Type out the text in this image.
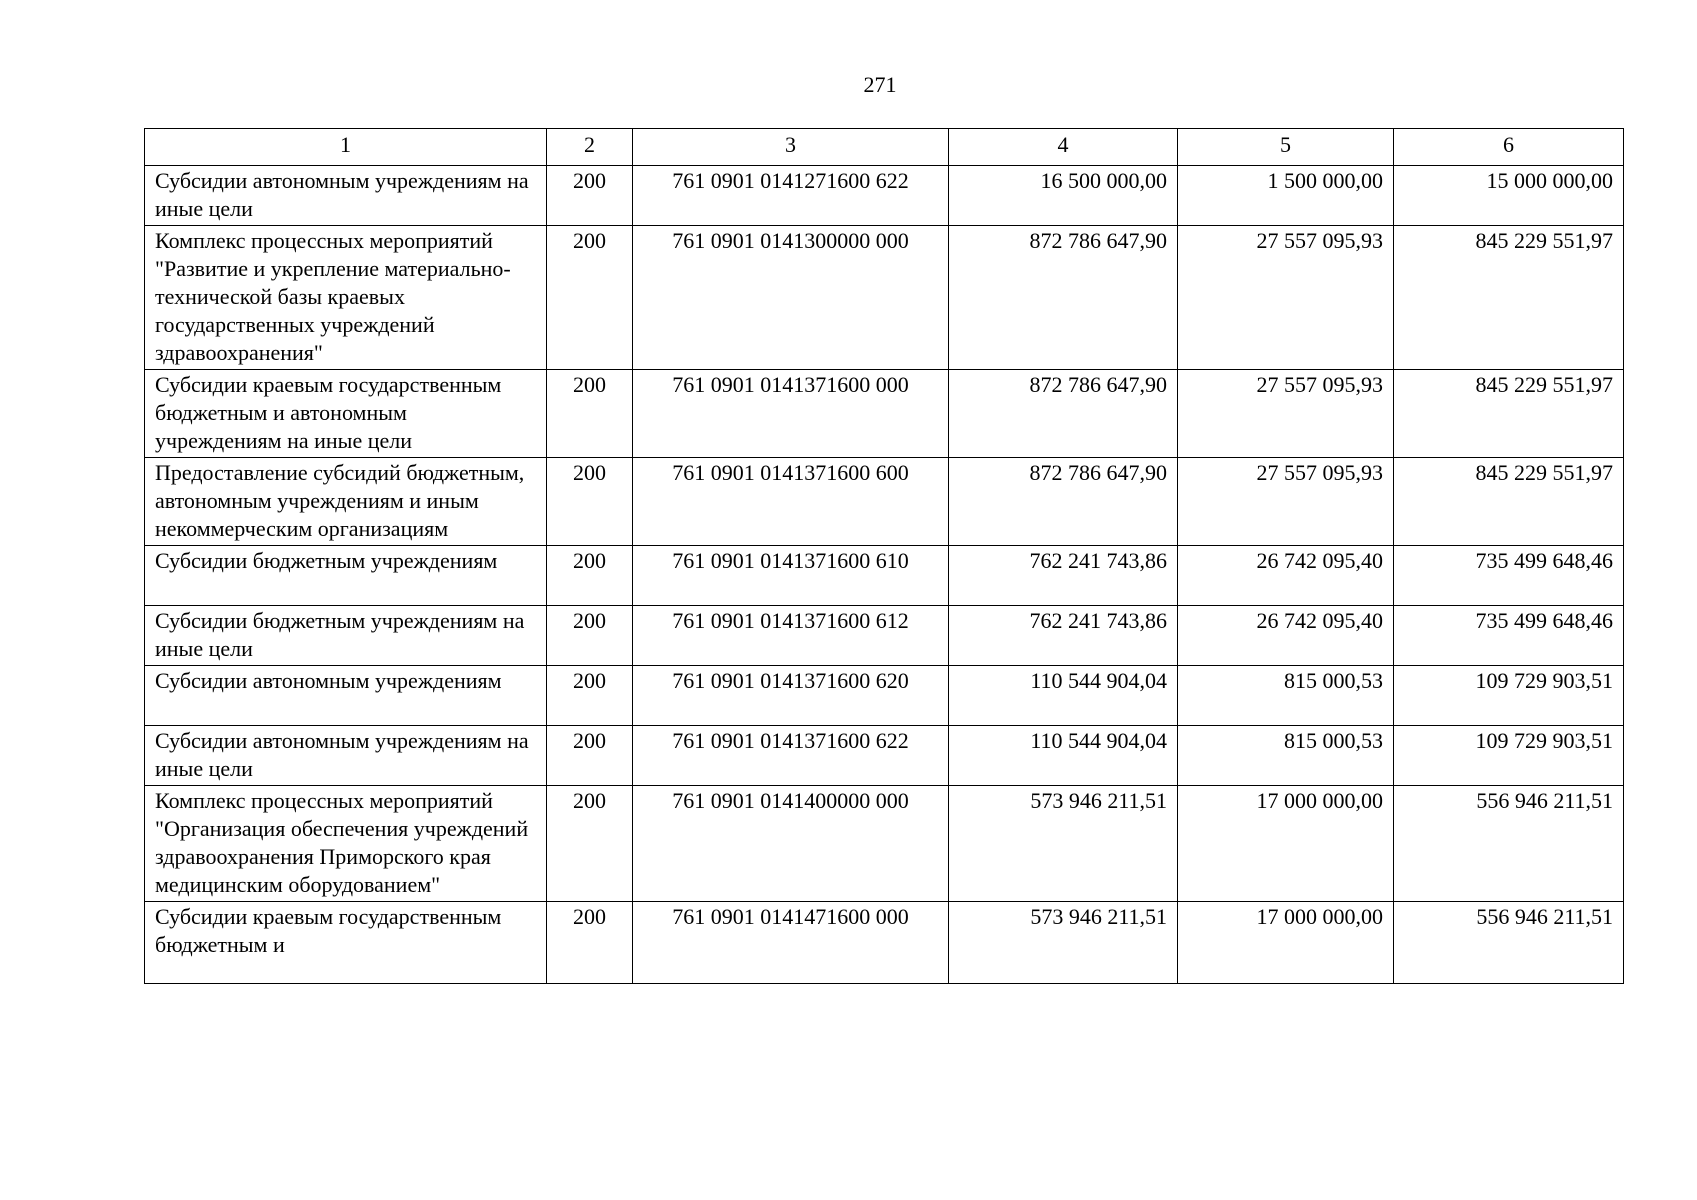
271
1	2	3	4	5	6
Субсидии автономным учреждениям на иные цели	200	761 0901 0141271600 622	16 500 000,00	1 500 000,00	15 000 000,00
Комплекс процессных мероприятий "Развитие и укрепление материально-технической базы краевых государственных учреждений здравоохранения"	200	761 0901 0141300000 000	872 786 647,90	27 557 095,93	845 229 551,97
Субсидии краевым государственным бюджетным и автономным учреждениям на иные цели	200	761 0901 0141371600 000	872 786 647,90	27 557 095,93	845 229 551,97
Предоставление субсидий бюджетным, автономным учреждениям и иным некоммерческим организациям	200	761 0901 0141371600 600	872 786 647,90	27 557 095,93	845 229 551,97
Субсидии бюджетным учреждениям	200	761 0901 0141371600 610	762 241 743,86	26 742 095,40	735 499 648,46
Субсидии бюджетным учреждениям на иные цели	200	761 0901 0141371600 612	762 241 743,86	26 742 095,40	735 499 648,46
Субсидии автономным учреждениям	200	761 0901 0141371600 620	110 544 904,04	815 000,53	109 729 903,51
Субсидии автономным учреждениям на иные цели	200	761 0901 0141371600 622	110 544 904,04	815 000,53	109 729 903,51
Комплекс процессных мероприятий "Организация обеспечения учреждений здравоохранения Приморского края медицинским оборудованием"	200	761 0901 0141400000 000	573 946 211,51	17 000 000,00	556 946 211,51
Субсидии краевым государственным бюджетным и	200	761 0901 0141471600 000	573 946 211,51	17 000 000,00	556 946 211,51
